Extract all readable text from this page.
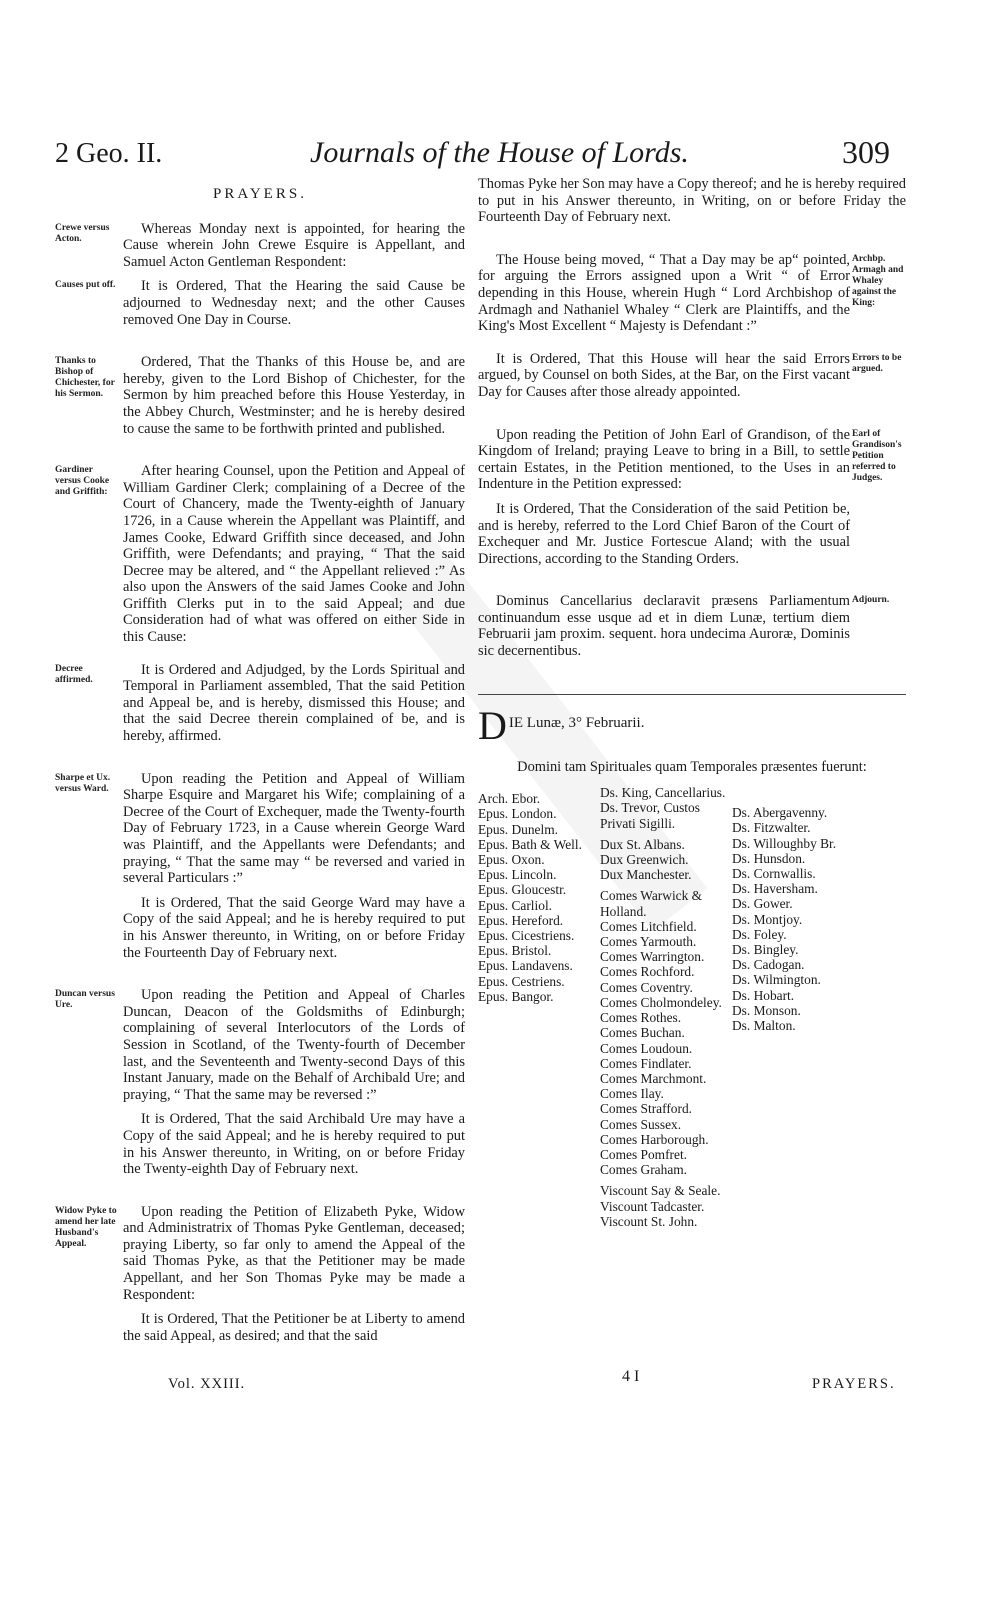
2 Geo. II.	Journals of the House of Lords.	309
PRAYERS.
Crewe versus Acton.

Whereas Monday next is appointed, for hearing the Cause wherein John Crewe Esquire is Appellant, and Samuel Acton Gentleman Respondent:

Causes put off.	It is Ordered, That the Hearing the said Cause be adjourned to Wednesday next; and the other Causes removed One Day in Course.

Thanks to Bishop of Chichester, for his Sermon.

Ordered, That the Thanks of this House be, and are hereby, given to the Lord Bishop of Chichester, for the Sermon by him preached before this House Yesterday, in the Abbey Church, Westminster; and he is hereby desired to cause the same to be forthwith printed and published.

Gardiner versus Cooke and Griffith:

After hearing Counsel, upon the Petition and Appeal of William Gardiner Clerk; complaining of a Decree of the Court of Chancery, made the Twenty-eighth of January 1726, in a Cause wherein the Appellant was Plaintiff, and James Cooke, Edward Griffith since deceased, and John Griffith, were Defendants; and praying, “ That the said Decree may be altered, and “ the Appellant relieved :” As also upon the Answers of the said James Cooke and John Griffith Clerks put in to the said Appeal; and due Consideration had of what was offered on either Side in this Cause:

Decree affirmed.

It is Ordered and Adjudged, by the Lords Spiritual and Temporal in Parliament assembled, That the said Petition and Appeal be, and is hereby, dismissed this House; and that the said Decree therein complained of be, and is hereby, affirmed.

Sharpe et Ux. versus Ward.

Upon reading the Petition and Appeal of William Sharpe Esquire and Margaret his Wife; complaining of a Decree of the Court of Exchequer, made the Twenty-fourth Day of February 1723, in a Cause wherein George Ward was Plaintiff, and the Appellants were Defendants; and praying, “ That the same may “ be reversed and varied in several Particulars :”

It is Ordered, That the said George Ward may have a Copy of the said Appeal; and he is hereby required to put in his Answer thereunto, in Writing, on or before Friday the Fourteenth Day of February next.

Duncan versus Ure.

Upon reading the Petition and Appeal of Charles Duncan, Deacon of the Goldsmiths of Edinburgh; complaining of several Interlocutors of the Lords of Session in Scotland, of the Twenty-fourth of December last, and the Seventeenth and Twenty-second Days of this Instant January, made on the Behalf of Archibald Ure; and praying, “ That the same may be reversed :”

It is Ordered, That the said Archibald Ure may have a Copy of the said Appeal; and he is hereby required to put in his Answer thereunto, in Writing, on or before Friday the Twenty-eighth Day of February next.

Widow Pyke to amend her late Husband's Appeal.

Upon reading the Petition of Elizabeth Pyke, Widow and Administratrix of Thomas Pyke Gentleman, deceased; praying Liberty, so far only to amend the Appeal of the said Thomas Pyke, as that the Petitioner may be made Appellant, and her Son Thomas Pyke may be made a Respondent:

It is Ordered, That the Petitioner be at Liberty to amend the said Appeal, as desired; and that the said

Thomas Pyke her Son may have a Copy thereof; and he is hereby required to put in his Answer thereunto, in Writing, on or before Friday the Fourteenth Day of February next.

Archbp. Armagh and Whaley against the King:

The House being moved, “ That a Day may be ap“ pointed, for arguing the Errors assigned upon a Writ “ of Error depending in this House, wherein Hugh “ Lord Archbishop of Ardmagh and Nathaniel Whaley “ Clerk are Plaintiffs, and the King's Most Excellent “ Majesty is Defendant :”

Errors to be argued.

It is Ordered, That this House will hear the said Errors argued, by Counsel on both Sides, at the Bar, on the First vacant Day for Causes after those already appointed.

Earl of Grandison's Petition referred to Judges.

Upon reading the Petition of John Earl of Grandison, of the Kingdom of Ireland; praying Leave to bring in a Bill, to settle certain Estates, in the Petition mentioned, to the Uses in an Indenture in the Petition expressed:

It is Ordered, That the Consideration of the said Petition be, and is hereby, referred to the Lord Chief Baron of the Court of Exchequer and Mr. Justice Fortescue Aland; with the usual Directions, according to the Standing Orders.

Adjourn.

Dominus Cancellarius declaravit præsens Parliamentum continuandum esse usque ad et in diem Lunæ, tertium diem Februarii jam proxim. sequent. hora undecima Auroræ, Dominis sic decernentibus.

D IE Lunæ, 3° Februarii.
Domini tam Spirituales quam Temporales præsentes fuerunt:
Arch. Ebor.
Epus. London.
Epus. Dunelm.
Epus. Bath & Well.
Epus. Oxon.
Epus. Lincoln.
Epus. Gloucestr.
Epus. Carliol.
Epus. Hereford.
Epus. Cicestriens.
Epus. Bristol.
Epus. Landavens.
Epus. Cestriens.
Epus. Bangor.
Ds. King, Cancellarius.
Ds. Trevor, Custos Privati Sigilli.
Dux St. Albans.
Dux Greenwich.
Dux Manchester.
Comes Warwick & Holland.
Comes Litchfield.
Comes Yarmouth.
Comes Warrington.
Comes Rochford.
Comes Coventry.
Comes Cholmondeley.
Comes Rothes.
Comes Buchan.
Comes Loudoun.
Comes Findlater.
Comes Marchmont.
Comes Ilay.
Comes Strafford.
Comes Sussex.
Comes Harborough.
Comes Pomfret.
Comes Graham.
Viscount Say & Seale.
Viscount Tadcaster.
Viscount St. John.
Ds. Abergavenny.
Ds. Fitzwalter.
Ds. Willoughby Br.
Ds. Hunsdon.
Ds. Cornwallis.
Ds. Haversham.
Ds. Gower.
Ds. Montjoy.
Ds. Foley.
Ds. Bingley.
Ds. Cadogan.
Ds. Wilmington.
Ds. Hobart.
Ds. Monson.
Ds. Malton.
Vol. XXIII.	4 I	PRAYERS.
